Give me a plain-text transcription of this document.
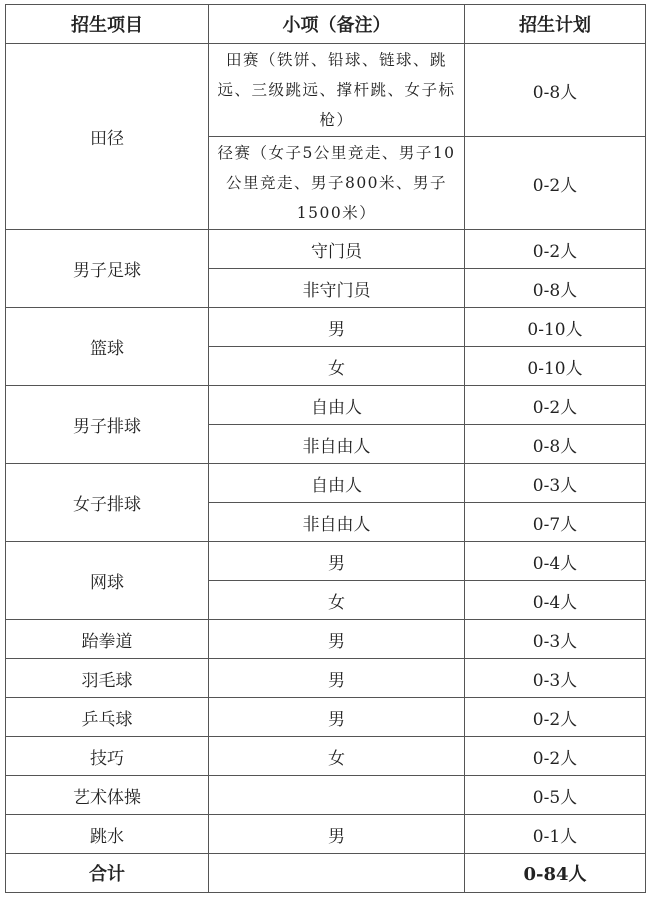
招生项目	小项（备注）	招生计划
田径	田赛（铁饼、铅球、链球、跳远、三级跳远、撑杆跳、女子标枪）	0-8人
	径赛（女子5公里竞走、男子10公里竞走、男子800米、男子1500米）	0-2人
男子足球	守门员	0-2人
	非守门员	0-8人
篮球	男	0-10人
	女	0-10人
男子排球	自由人	0-2人
	非自由人	0-8人
女子排球	自由人	0-3人
	非自由人	0-7人
网球	男	0-4人
	女	0-4人
跆拳道	男	0-3人
羽毛球	男	0-3人
乒乓球	男	0-2人
技巧	女	0-2人
艺术体操		0-5人
跳水	男	0-1人
合计		0-84人
